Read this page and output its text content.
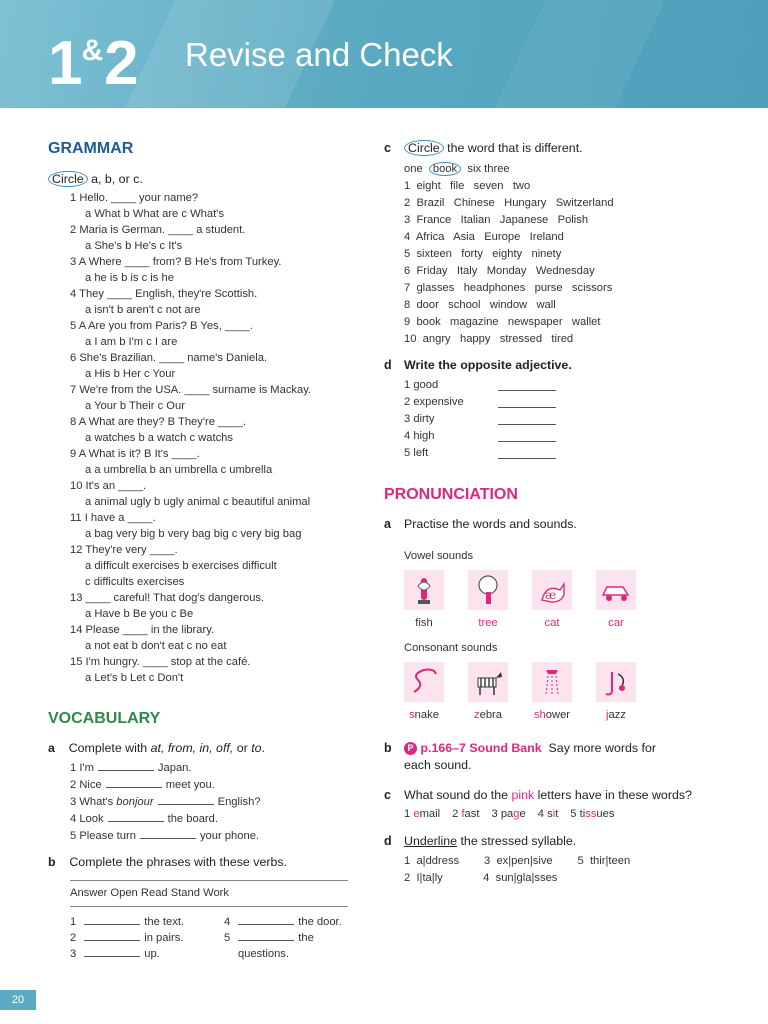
1&2 Revise and Check
GRAMMAR
Circle a, b, or c.
1 Hello. ____ your name?
a What b What are c What's
2 Maria is German. ____ a student.
a She's b He's c It's
3 A Where ____ from? B He's from Turkey.
a he is b is c is he
4 They ____ English, they're Scottish.
a isn't b aren't c not are
5 A Are you from Paris? B Yes, ____.
a I am b I'm c I are
6 She's Brazilian. ____ name's Daniela.
a His b Her c Your
7 We're from the USA. ____ surname is Mackay.
a Your b Their c Our
8 A What are they? B They're ____.
a watches b a watch c watchs
9 A What is it? B It's ____.
a a umbrella b an umbrella c umbrella
10 It's an ____.
a animal ugly b ugly animal c beautiful animal
11 I have a ____.
a bag very big b very bag big c very big bag
12 They're very ____.
a difficult exercises b exercises difficult
c difficults exercises
13 ____ careful! That dog's dangerous.
a Have b Be you c Be
14 Please ____ in the library.
a not eat b don't eat c no eat
15 I'm hungry. ____ stop at the café.
a Let's b Let c Don't
VOCABULARY
a Complete with at, from, in, off, or to.
1 I'm	Japan.
2 Nice	meet you.
3 What's bonjour	English?
4 Look	the board.
5 Please turn	your phone.
b Complete the phrases with these verbs.
Answer Open Read Stand Work
1	the text.
2	in pairs.
3	up.
4	the door.
5	the
questions.
c	Circle the word that is different.
one book six three
1  eight   file   seven   two
2  Brazil   Chinese   Hungary   Switzerland
3  France   Italian   Japanese   Polish
4  Africa   Asia   Europe   Ireland
5  sixteen   forty   eighty   ninety
6  Friday   Italy   Monday   Wednesday
7  glasses   headphones   purse   scissors
8  door   school   window   wall
9  book   magazine   newspaper   wallet
10  angry   happy   stressed   tired
d Write the opposite adjective.
1 good
2 expensive
3 dirty
4 high
5 left
PRONUNCIATION
a Practise the words and sounds.
Vowel sounds
Consonant sounds
æ
fish	tree	cat	car
snake	zebra	shower	jazz
b	P p.166–7 Sound Bank Say more words for
each sound.
c What sound do the pink letters have in these words?
1 email 2 fast 3 page 4 sit 5 tissues
d Underline the stressed syllable.
1  a|ddress        3  ex|pen|sive        5  thir|teen
2  I|ta|ly             4  sun|gla|sses
20
